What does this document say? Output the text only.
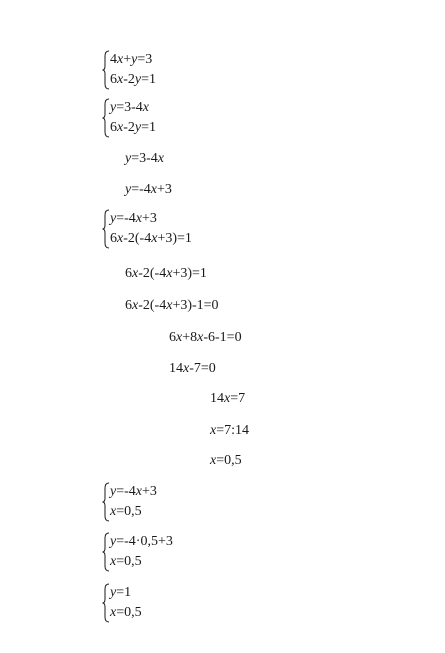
4x+y=3
6x-2y=1
y=3-4x
6x-2y=1
y=3-4x
y=-4x+3
y=-4x+3
6x-2(-4x+3)=1
6x-2(-4x+3)=1
6x-2(-4x+3)-1=0
6x+8x-6-1=0
14x-7=0
14x=7
x=7:14
x=0,5
y=-4x+3
x=0,5
y=-4·0,5+3
x=0,5
y=1
x=0,5
